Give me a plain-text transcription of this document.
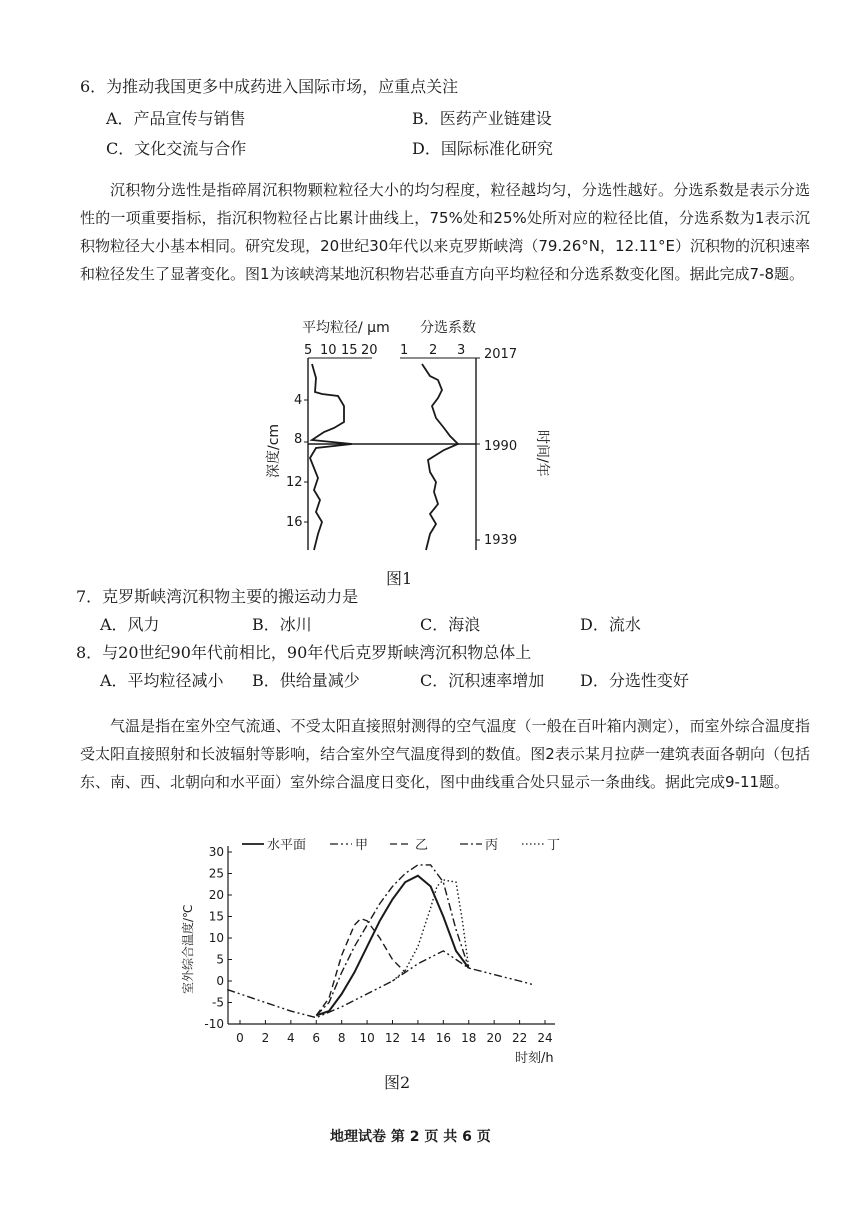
6．为推动我国更多中成药进入国际市场，应重点关注
A．产品宣传与销售	B．医药产业链建设
C．文化交流与合作	D．国际标准化研究

沉积物分选性是指碎屑沉积物颗粒粒径大小的均匀程度，粒径越均匀，分选性越好。分选系数是表示分选性的一项重要指标，指沉积物粒径占比累计曲线上，75%处和25%处所对应的粒径比值，分选系数为1表示沉积物粒径大小基本相同。研究发现，20世纪30年代以来克罗斯峡湾（79.26°N，12.11°E）沉积物的沉积速率和粒径发生了显著变化。图1为该峡湾某地沉积物岩芯垂直方向平均粒径和分选系数变化图。据此完成7-8题。

平均粒径/ μm 分选系数
5 10 15 20 1 2 3
4
8
12
16
深度/cm
2017
1990
1939
时间/年
图1
7．克罗斯峡湾沉积物主要的搬运动力是
A．风力	B．冰川	C．海浪	D．流水
8．与20世纪90年代前相比，90年代后克罗斯峡湾沉积物总体上
A．平均粒径减小 B．供给量减少	C．沉积速率增加 D．分选性变好

气温是指在室外空气流通、不受太阳直接照射测得的空气温度（一般在百叶箱内测定），而室外综合温度指受太阳直接照射和长波辐射等影响，结合室外空气温度得到的数值。图2表示某月拉萨一建筑表面各朝向（包括东、南、西、北朝向和水平面）室外综合温度日变化，图中曲线重合处只显示一条曲线。据此完成9-11题。

30
25
20
15
10
5
0
-5
-10
0 2 4 6 8 10 12 14 16 18 20 22 24
水平面	甲	乙	丙	丁
时刻/h
室外综合温度/℃
图2
地理试卷 第 2 页 共 6 页
